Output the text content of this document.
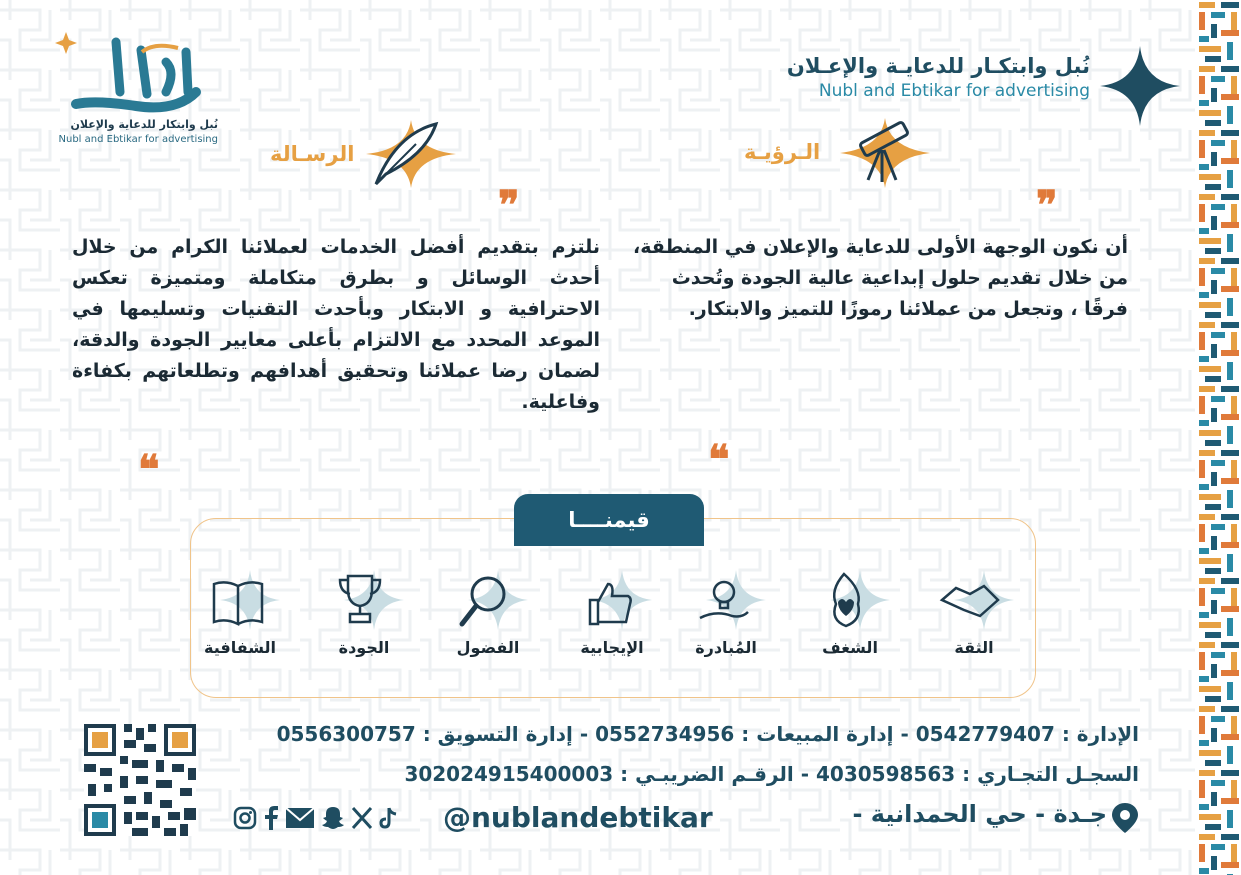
نُبل وابتكار للدعاية والإعلان
Nubl and Ebtikar for advertising
نُبل وابتكـار للدعايـة والإعـلان
Nubl and Ebtikar for advertising
الـرؤيـة
❞
أن نكون الوجهة الأولى للدعاية والإعلان في المنطقة، من خلال تقديم حلول إبداعية عالية الجودة وتُحدث فرقًا ، وتجعل من عملائنا رموزًا للتميز والابتكار.
❝
الرسـالة
❞
نلتزم بتقديم أفضل الخدمات لعملائنا الكرام من خلال أحدث الوسائل و بطرق متكاملة ومتميزة تعكس الاحترافية و الابتكار وبأحدث التقنيات وتسليمها في الموعد المحدد مع الالتزام بأعلى معايير الجودة والدقة، لضمان رضا عملائنا وتحقيق أهدافهم وتطلعاتهم بكفاءة وفاعلية.
❝
قيمنــــا
الثقة
الشغف
المُبادرة
الإيجابية
الفضول
الجودة
الشفافية
الإدارة : 0542779407 - إدارة المبيعات : 0552734956 - إدارة التسويق : 0556300757
السجـل التجـاري : 4030598563 - الرقـم الضريبـي : 302024915400003
جـدة - حي الحمدانية -
@nublandebtikar
